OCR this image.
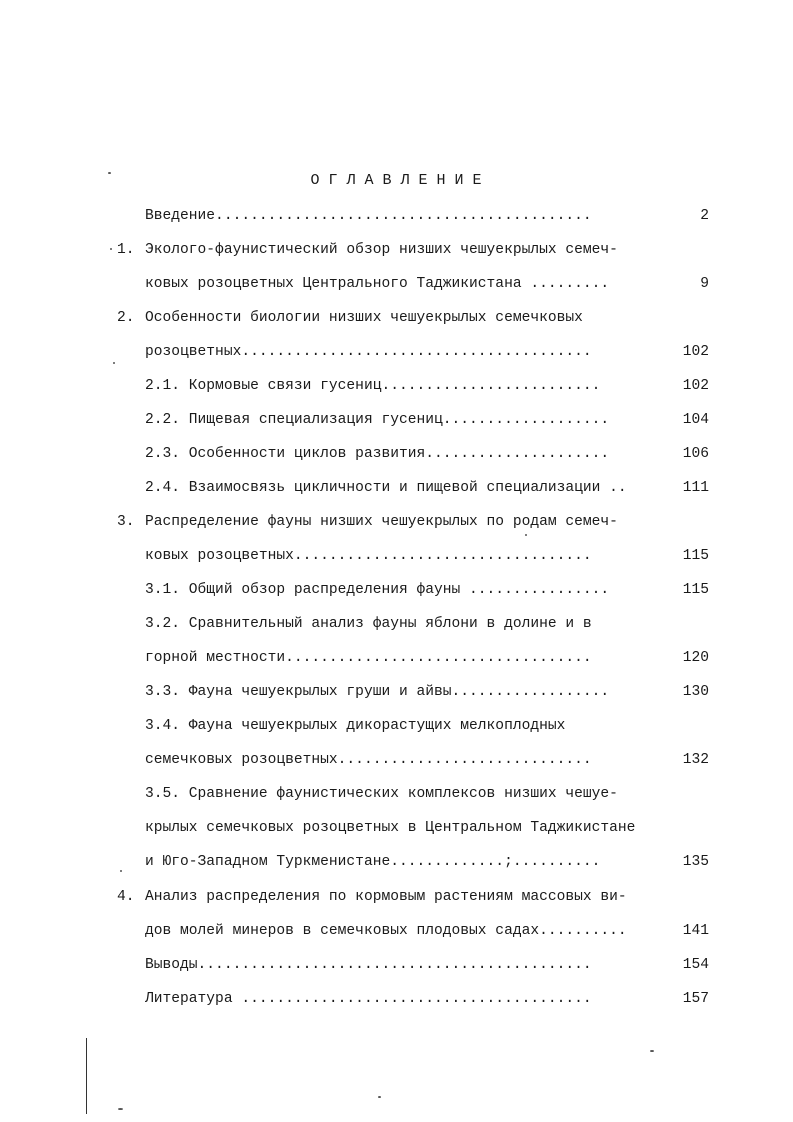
ОГЛАВЛЕНИЕ
Введение...........................................	2
1. Эколого-фаунистический обзор низших чешуекрылых семеч-
ковых розоцветных Центрального Таджикистана .........	9
2. Особенности биологии низших чешуекрылых семечковых
розоцветных........................................	102
2.1. Кормовые связи гусениц.........................	102
2.2. Пищевая специализация гусениц...................	104
2.3. Особенности циклов развития.....................	106
2.4. Взаимосвязь цикличности и пищевой специализации ..	111
3. Распределение фауны низших чешуекрылых по родам семеч-
ковых розоцветных..................................	115
3.1. Общий обзор распределения фауны ................	115
3.2. Сравнительный анализ фауны яблони в долине и в
горной местности...................................	120
3.3. Фауна чешуекрылых груши и айвы..................	130
3.4. Фауна чешуекрылых дикорастущих мелкоплодных
семечковых розоцветных.............................	132
3.5. Сравнение фаунистических комплексов низших чешуе-
крылых семечковых розоцветных в Центральном Таджикистане
и Юго-Западном Туркменистане.............;..........	135
4. Анализ распределения по кормовым растениям массовых ви-
дов молей минеров в семечковых плодовых садах..........	141
Выводы.............................................	154
Литература ........................................	157
